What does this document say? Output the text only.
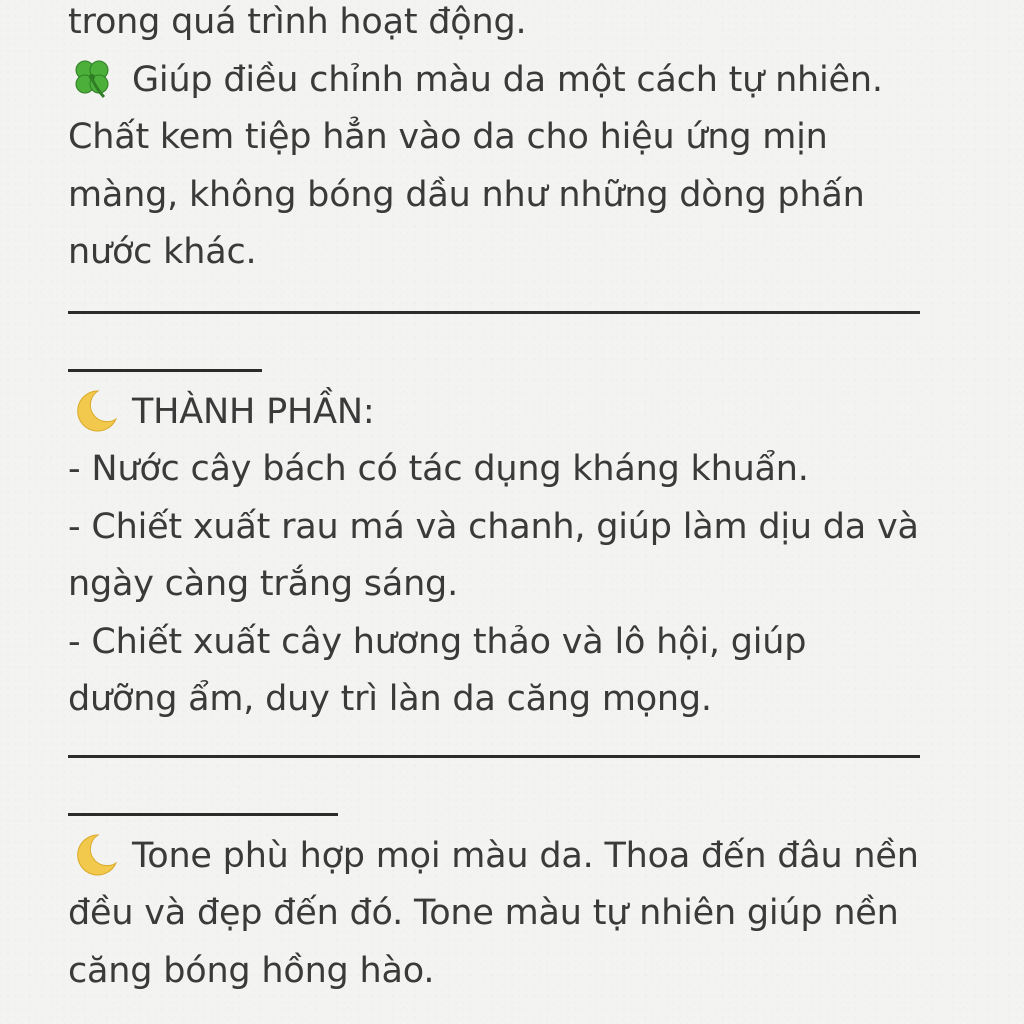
trong quá trình hoạt động.
Giúp điều chỉnh màu da một cách tự nhiên.
Chất kem tiệp hẳn vào da cho hiệu ứng mịn
màng, không bóng dầu như những dòng phấn
nước khác.
THÀNH PHẦN:
- Nước cây bách có tác dụng kháng khuẩn.
- Chiết xuất rau má và chanh, giúp làm dịu da và
ngày càng trắng sáng.
- Chiết xuất cây hương thảo và lô hội, giúp
dưỡng ẩm, duy trì làn da căng mọng.
Tone phù hợp mọi màu da. Thoa đến đâu nền
đều và đẹp đến đó. Tone màu tự nhiên giúp nền
căng bóng hồng hào.
